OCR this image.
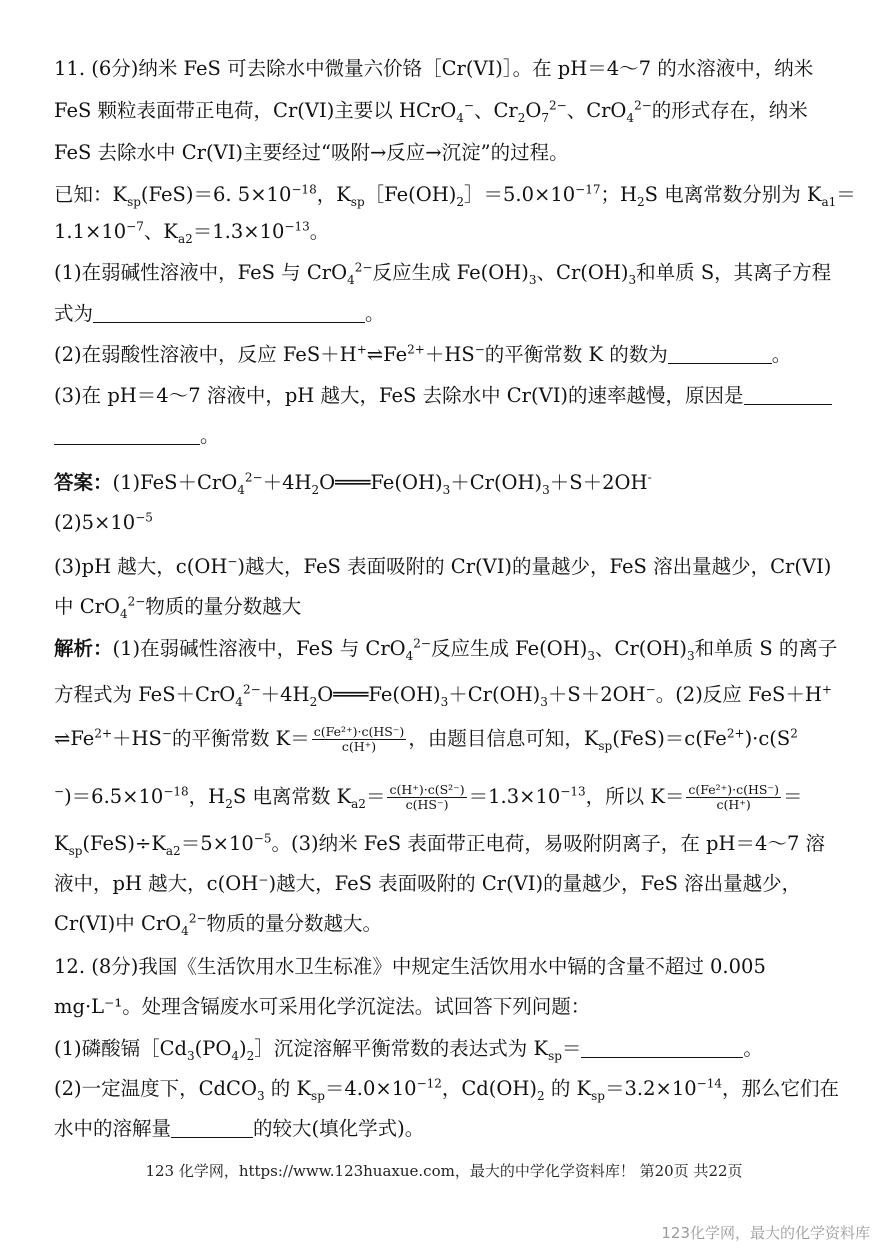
11. (6分)纳米 FeS 可去除水中微量六价铬［Cr(VI)］。在 pH＝4～7 的水溶液中，纳米
FeS 颗粒表面带正电荷，Cr(VI)主要以 HCrO$_4$−、$Cr_2O_7^{2-}$、CrO$_4^{2-}$的形式存在，纳米
FeS 去除水中 Cr(VI)主要经过“吸附→反应→沉淀”的过程。
已知：$K_{sp}(FeS)=6$. $5\times 10^{-18}$，$K_{sp}[Fe(OH)_2]=5.0\times 10^{-17}$；$H_2S$ 电离常数分别为 $K_{a1}=$
$1.1\times 10^{-7}$、$K_{a2}=1.3\times 10^{-13}$。
(1)在弱碱性溶液中，FeS 与 CrO$_4^{2-}$反应生成 $Fe(OH)_3$、$Cr(OH)_3$和单质 S，其离子方程
式为	。
(2)在弱酸性溶液中，反应 $FeS+H^+\rightleftharpoons Fe^{2+}+HS^-$的平衡常数 K 的数为	。
(3)在 pH＝4～7 溶液中，pH 越大，FeS 去除水中 Cr(VI)的速率越慢，原因是
。
答案：$(1)FeS+CrO_4^{2-}+4H_2O═══Fe(OH)_3+Cr(OH)_3+S+2OH^-$
$(2)5\times 10^{-5}$
(3)pH 越大，c(OH−)越大，FeS 表面吸附的 Cr(VI)的量越少，FeS 溶出量越少，Cr(VI)
中 CrO$_4^{2-}$物质的量分数越大
解析：(1)在弱碱性溶液中，FeS 与 CrO$_4^{2-}$反应生成 $Fe(OH)_3$、$Cr(OH)_3$和单质 S 的离子
方程式为 $FeS+CrO_4^{2-}+4H_2O═══Fe(OH)_3+Cr(OH)_3+S+2OH^-$。(2)反应 FeS＋H+
$\rightleftharpoons Fe^{2+}+HS^-$的平衡常数 $K= \frac{\text{c(Fe²⁺)·c(HS⁻)}}{c(H^+)}$ ，由题目信息可知，$K_{sp}(FeS)=c(Fe^{2+})\cdot c(S^2$
$^-)=6.5\times 10^{-18}$，$H_2S$ 电离常数 $K_{a2}= \frac{\text{c(H⁺)·c(S²⁻)}}{c(HS^-)} =1.3\times 10^{-13}$，所以 $K= \frac{\text{c(Fe²⁺)·c(HS⁻)}}{c(H^+)}$ ＝
$K_{sp}(FeS)\div K_{a2}=5\times 10^{-5}$。(3)纳米 FeS 表面带正电荷，易吸附阴离子，在 pH＝4～7 溶
液中，pH 越大，c(OH⁻)越大，FeS 表面吸附的 Cr(VI)的量越少，FeS 溶出量越少，
Cr(VI)中 CrO$_4^{2-}$物质的量分数越大。
12. (8分)我国《生活饮用水卫生标准》中规定生活饮用水中镉的含量不超过 0.005
mg·L⁻¹。处理含镉废水可采用化学沉淀法。试回答下列问题：
(1)磷酸镉$[Cd_3(PO_4)_2]$沉淀溶解平衡常数的表达式为 $K_{sp}=$	。
(2)一定温度下，CdCO$_3$ 的 $K_{sp}=4.0\times 10^{-12}$，$Cd(OH)_2$ 的 $K_{sp}=3.2\times 10^{-14}$，那么它们在
水中的溶解量	的较大(填化学式)。
123 化学网，https://www.123huaxue.com，最大的中学化学资料库！ 第20页 共22页
123化学网，最大的化学资料库
